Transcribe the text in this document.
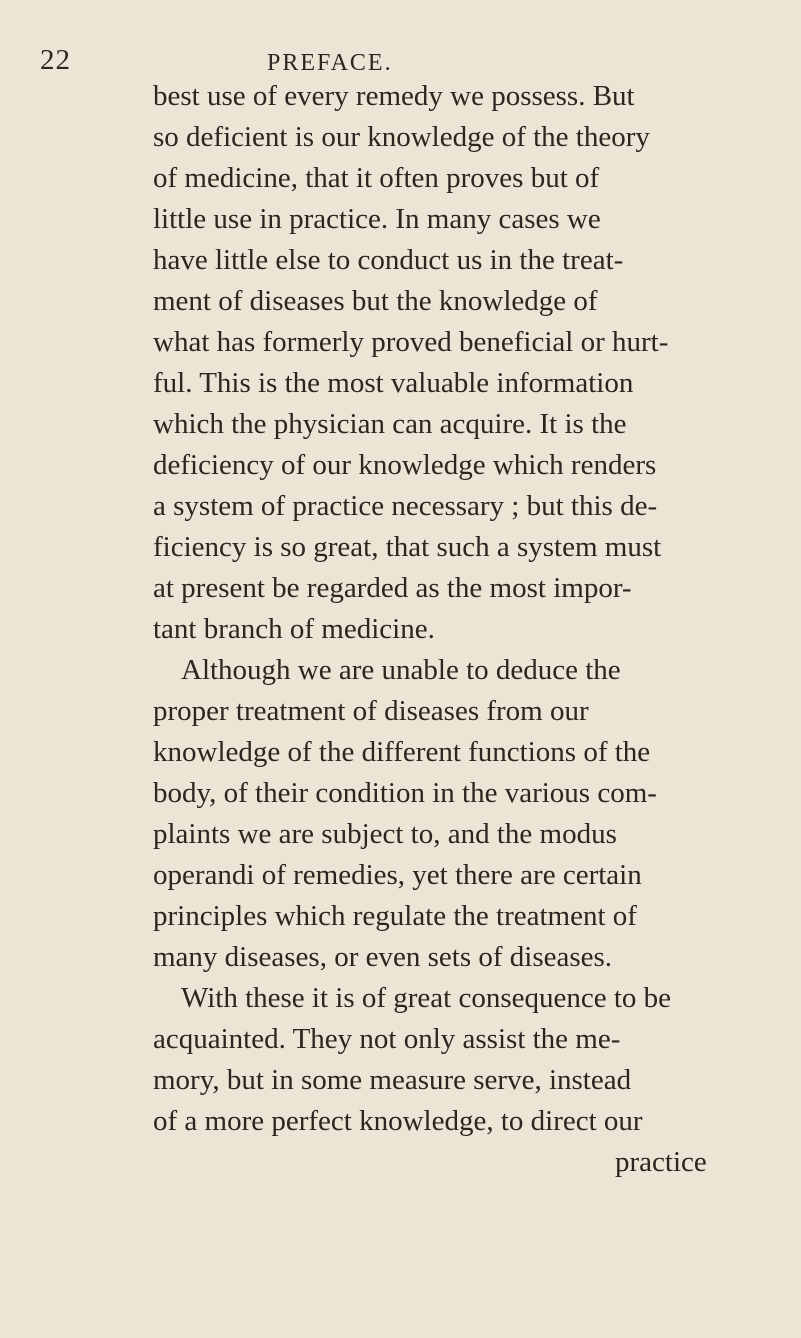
22	PREFACE.
best use of every remedy we possess. But
so deficient is our knowledge of the theory
of medicine, that it often proves but of
little use in practice. In many cases we
have little else to conduct us in the treat-
ment of diseases but the knowledge of
what has formerly proved beneficial or hurt-
ful. This is the most valuable information
which the physician can acquire. It is the
deficiency of our knowledge which renders
a system of practice necessary ; but this de-
ficiency is so great, that such a system must
at present be regarded as the most impor-
tant branch of medicine.
Although we are unable to deduce the
proper treatment of diseases from our
knowledge of the different functions of the
body, of their condition in the various com-
plaints we are subject to, and the modus
operandi of remedies, yet there are certain
principles which regulate the treatment of
many diseases, or even sets of diseases.
With these it is of great consequence to be
acquainted. They not only assist the me-
mory, but in some measure serve, instead
of a more perfect knowledge, to direct our
practice
